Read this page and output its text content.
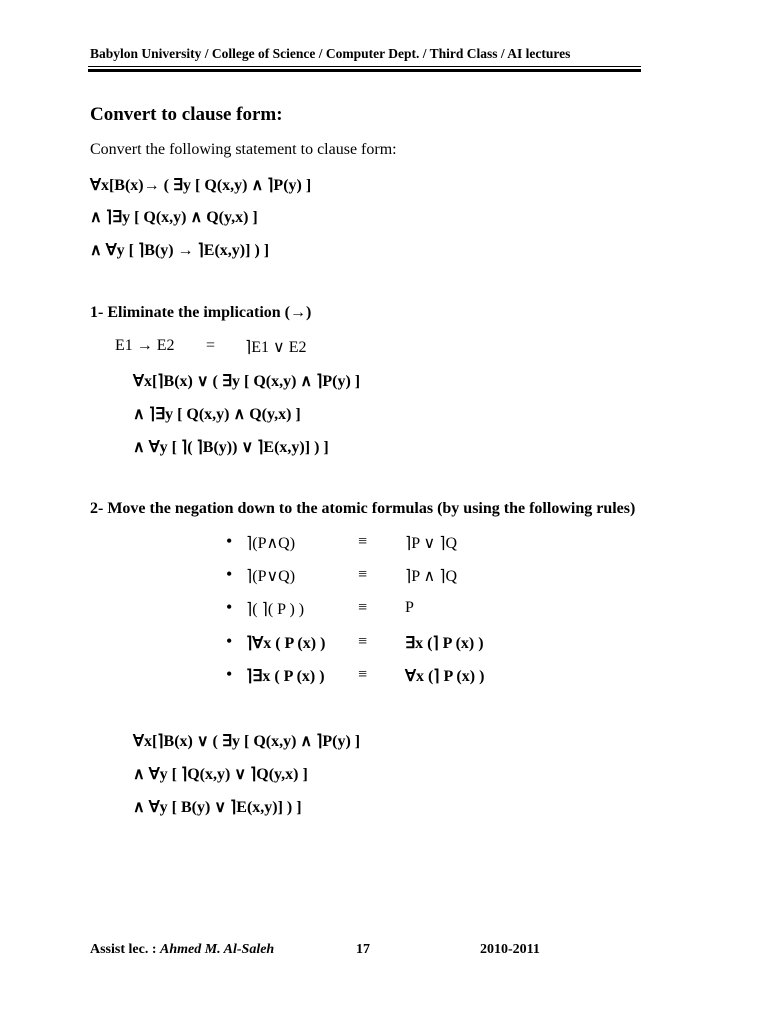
Babylon University / College of Science / Computer Dept. / Third Class / AI lectures
Convert to clause form:
Convert the following statement to clause form:
∀x[B(x)→ ( ∃y [ Q(x,y) ∧ ⌉P(y) ]
∧ ⌉∃y [ Q(x,y) ∧ Q(y,x) ]
∧ ∀y [ ⌉B(y) → ⌉E(x,y)] ) ]
1- Eliminate the implication (→)
E1 → E2 = ⌉E1 ∨ E2
∀x[⌉B(x) ∨ ( ∃y [ Q(x,y) ∧ ⌉P(y) ]
∧ ⌉∃y [ Q(x,y) ∧ Q(y,x) ]
∧ ∀y [ ⌉( ⌉B(y)) ∨ ⌉E(x,y)] ) ]
2- Move the negation down to the atomic formulas (by using the following rules)
• ⌉(P∧Q)	≡ ⌉P ∨ ⌉Q
• ⌉(P∨Q)	≡ ⌉P ∧ ⌉Q
• ⌉( ⌉( P ) )	≡ P
• ⌉∀x ( P (x) ) ≡ ∃x (⌉ P (x) )
• ⌉∃x ( P (x) ) ≡ ∀x (⌉ P (x) )
∀x[⌉B(x) ∨ ( ∃y [ Q(x,y) ∧ ⌉P(y) ]
∧ ∀y [ ⌉Q(x,y) ∨ ⌉Q(y,x) ]
∧ ∀y [ B(y) ∨ ⌉E(x,y)] ) ]
Assist lec. : Ahmed M. Al-Saleh	17	2010-2011
